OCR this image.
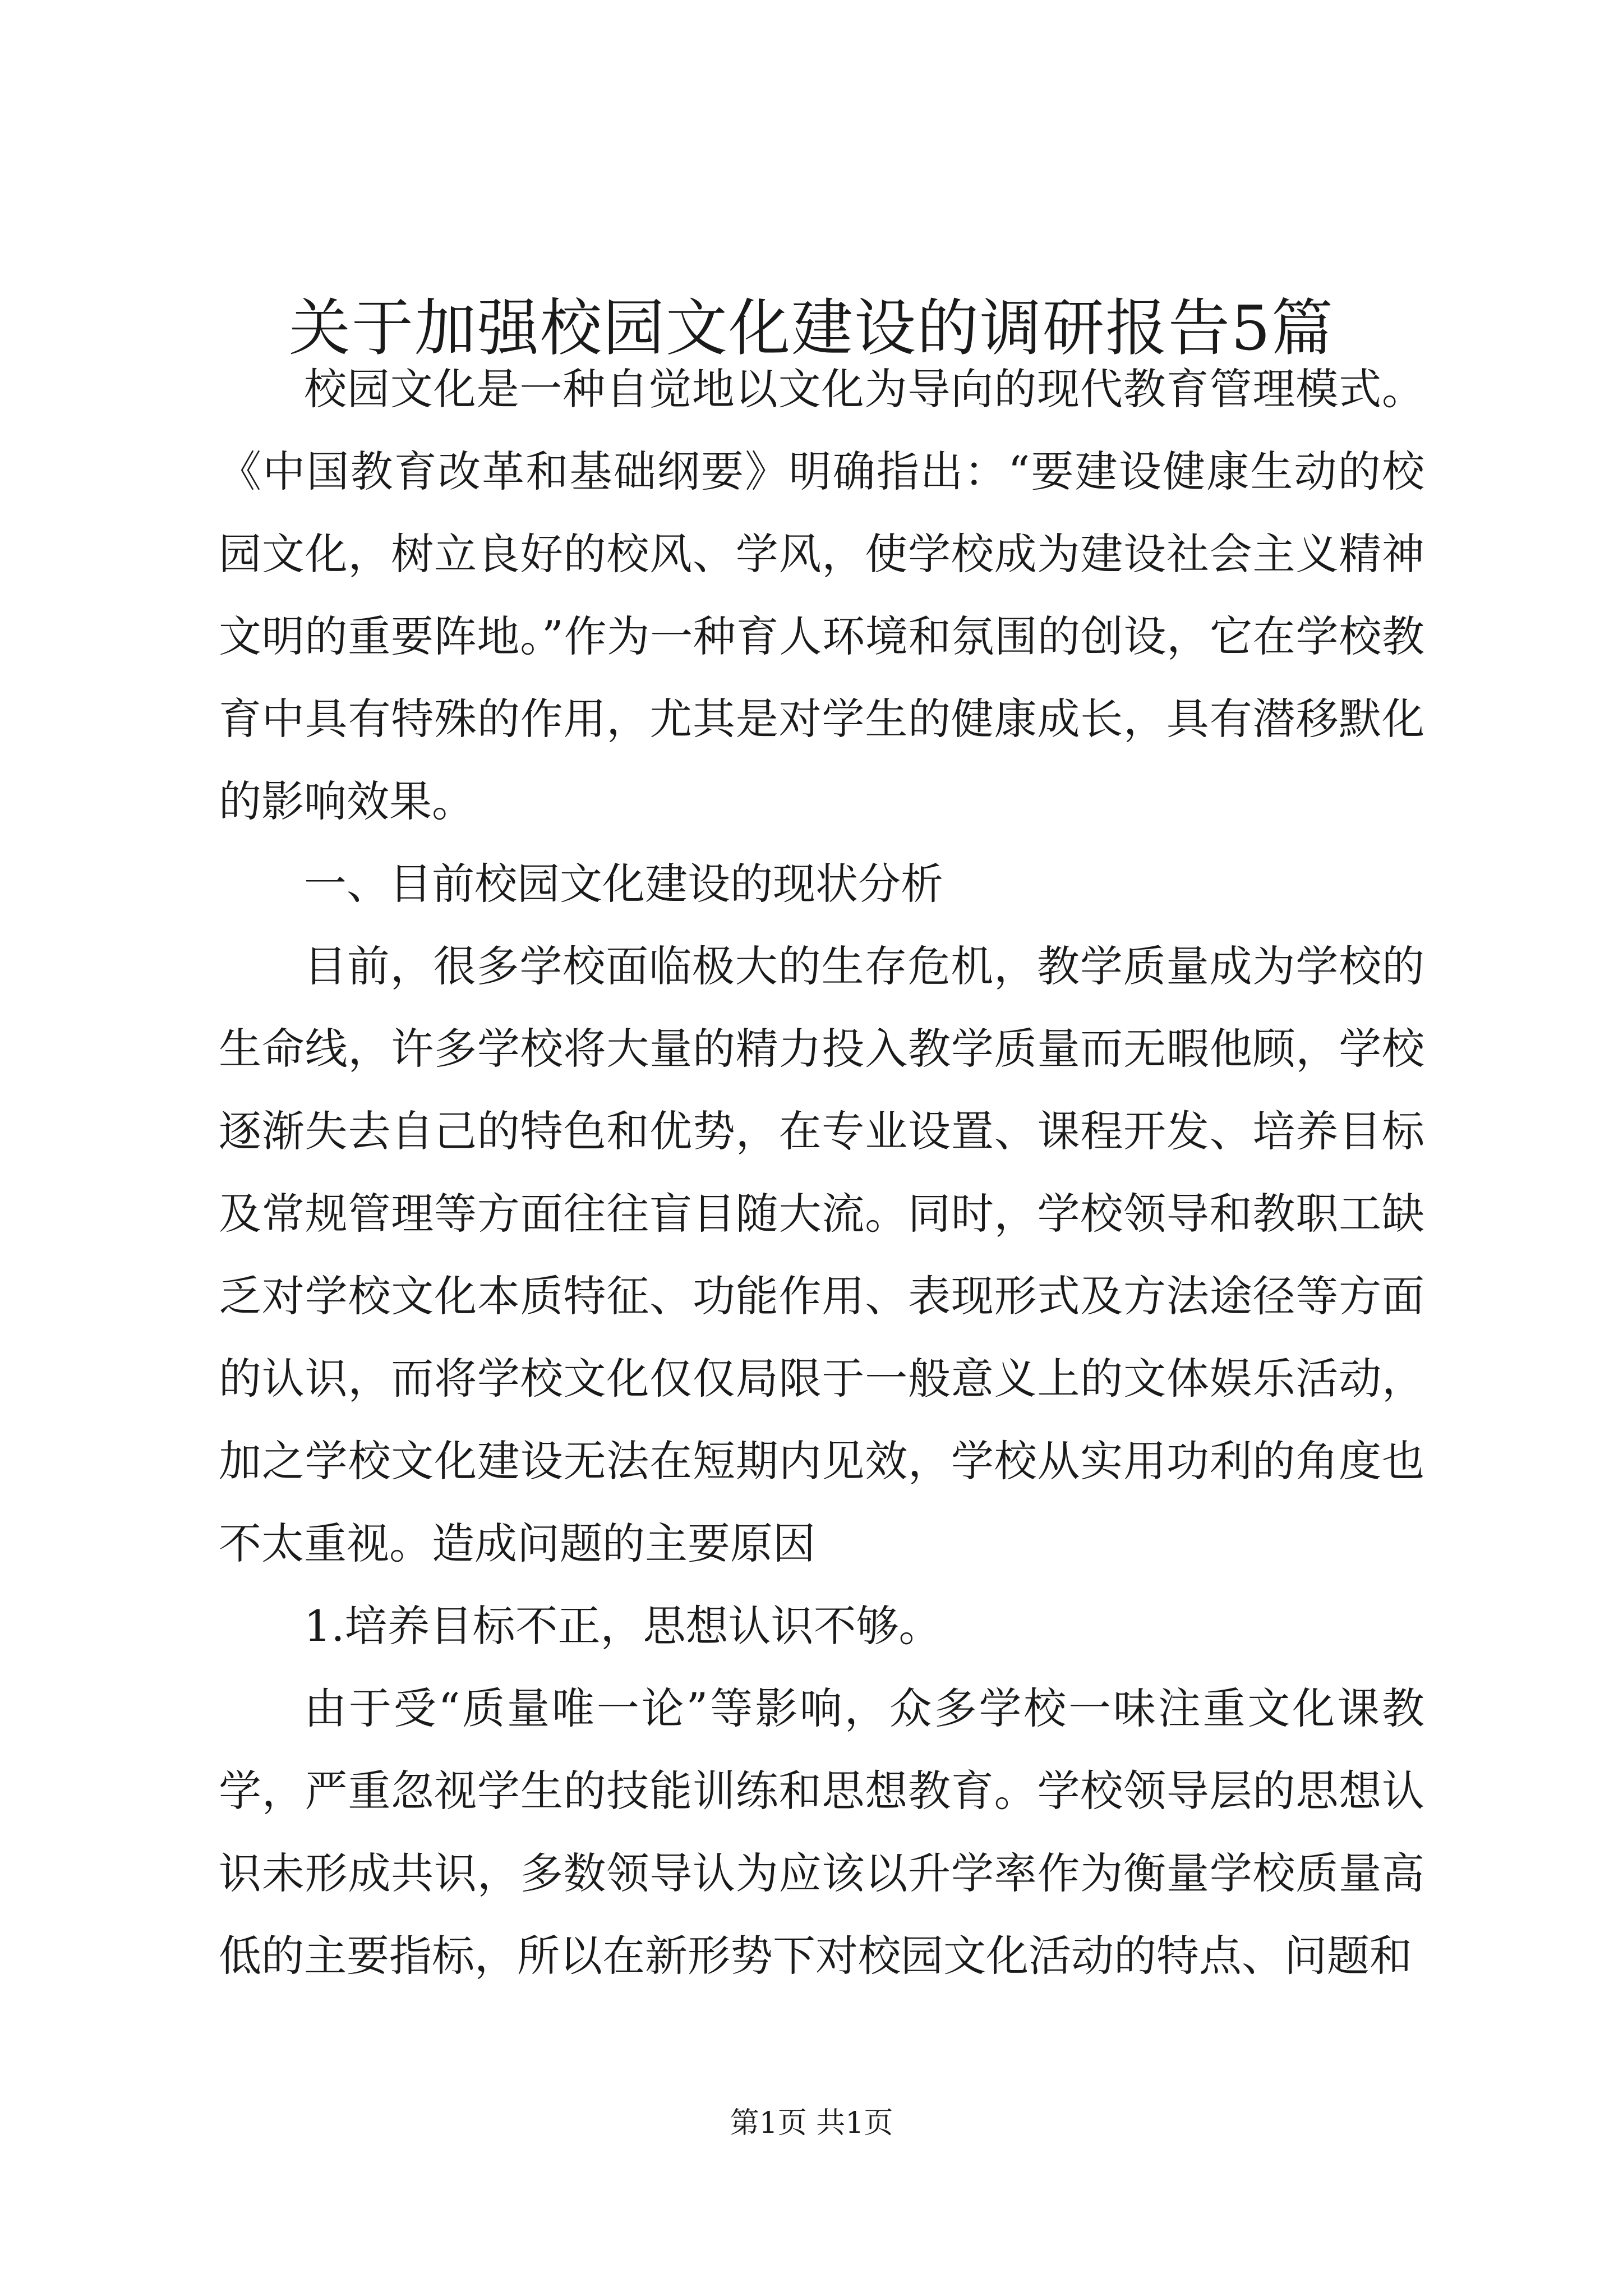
关于加强校园文化建设的调研报告5篇

校园文化是一种自觉地以文化为导向的现代教育管理模式。《中国教育改革和基础纲要》明确指出：“要建设健康生动的校园文化，树立良好的校风、学风，使学校成为建设社会主义精神文明的重要阵地。”作为一种育人环境和氛围的创设，它在学校教育中具有特殊的作用，尤其是对学生的健康成长，具有潜移默化的影响效果。

一、目前校园文化建设的现状分析

目前，很多学校面临极大的生存危机，教学质量成为学校的生命线，许多学校将大量的精力投入教学质量而无暇他顾，学校逐渐失去自己的特色和优势，在专业设置、课程开发、培养目标及常规管理等方面往往盲目随大流。同时，学校领导和教职工缺乏对学校文化本质特征、功能作用、表现形式及方法途径等方面的认识，而将学校文化仅仅局限于一般意义上的文体娱乐活动，加之学校文化建设无法在短期内见效，学校从实用功利的角度也不太重视。造成问题的主要原因

1.培养目标不正，思想认识不够。

由于受“质量唯一论”等影响，众多学校一味注重文化课教学，严重忽视学生的技能训练和思想教育。学校领导层的思想认识未形成共识，多数领导认为应该以升学率作为衡量学校质量高低的主要指标，所以在新形势下对校园文化活动的特点、问题和

第1页 共1页
